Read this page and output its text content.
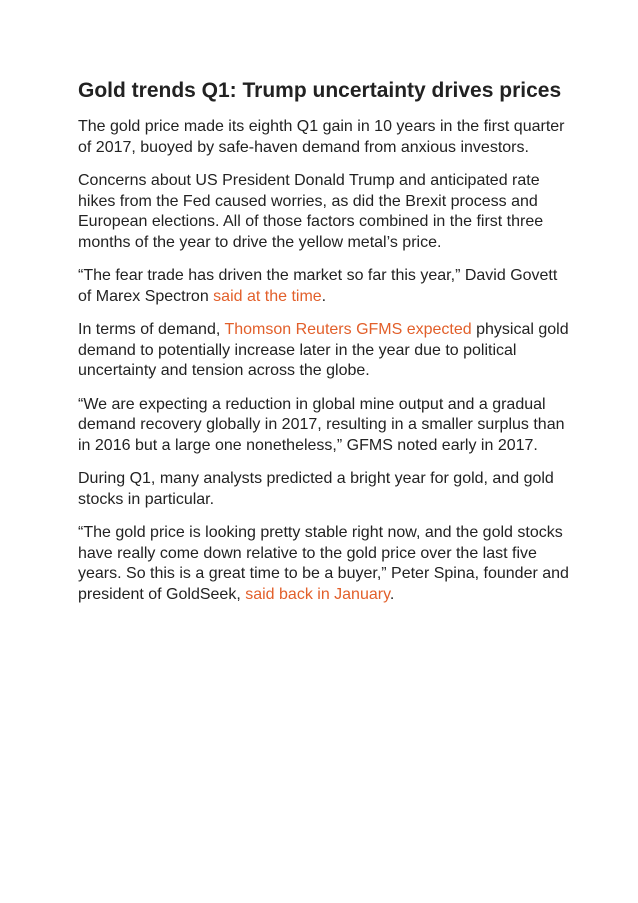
Gold trends Q1: Trump uncertainty drives prices

The gold price made its eighth Q1 gain in 10 years in the first quarter of 2017, buoyed by safe-haven demand from anxious investors.

Concerns about US President Donald Trump and anticipated rate hikes from the Fed caused worries, as did the Brexit process and European elections. All of those factors combined in the first three months of the year to drive the yellow metal’s price.

“The fear trade has driven the market so far this year,” David Govett of Marex Spectron said at the time.

In terms of demand, Thomson Reuters GFMS expected physical gold demand to potentially increase later in the year due to political uncertainty and tension across the globe.

“We are expecting a reduction in global mine output and a gradual demand recovery globally in 2017, resulting in a smaller surplus than in 2016 but a large one nonetheless,” GFMS noted early in 2017.

During Q1, many analysts predicted a bright year for gold, and gold stocks in particular.

“The gold price is looking pretty stable right now, and the gold stocks have really come down relative to the gold price over the last five years. So this is a great time to be a buyer,” Peter Spina, founder and president of GoldSeek, said back in January.
